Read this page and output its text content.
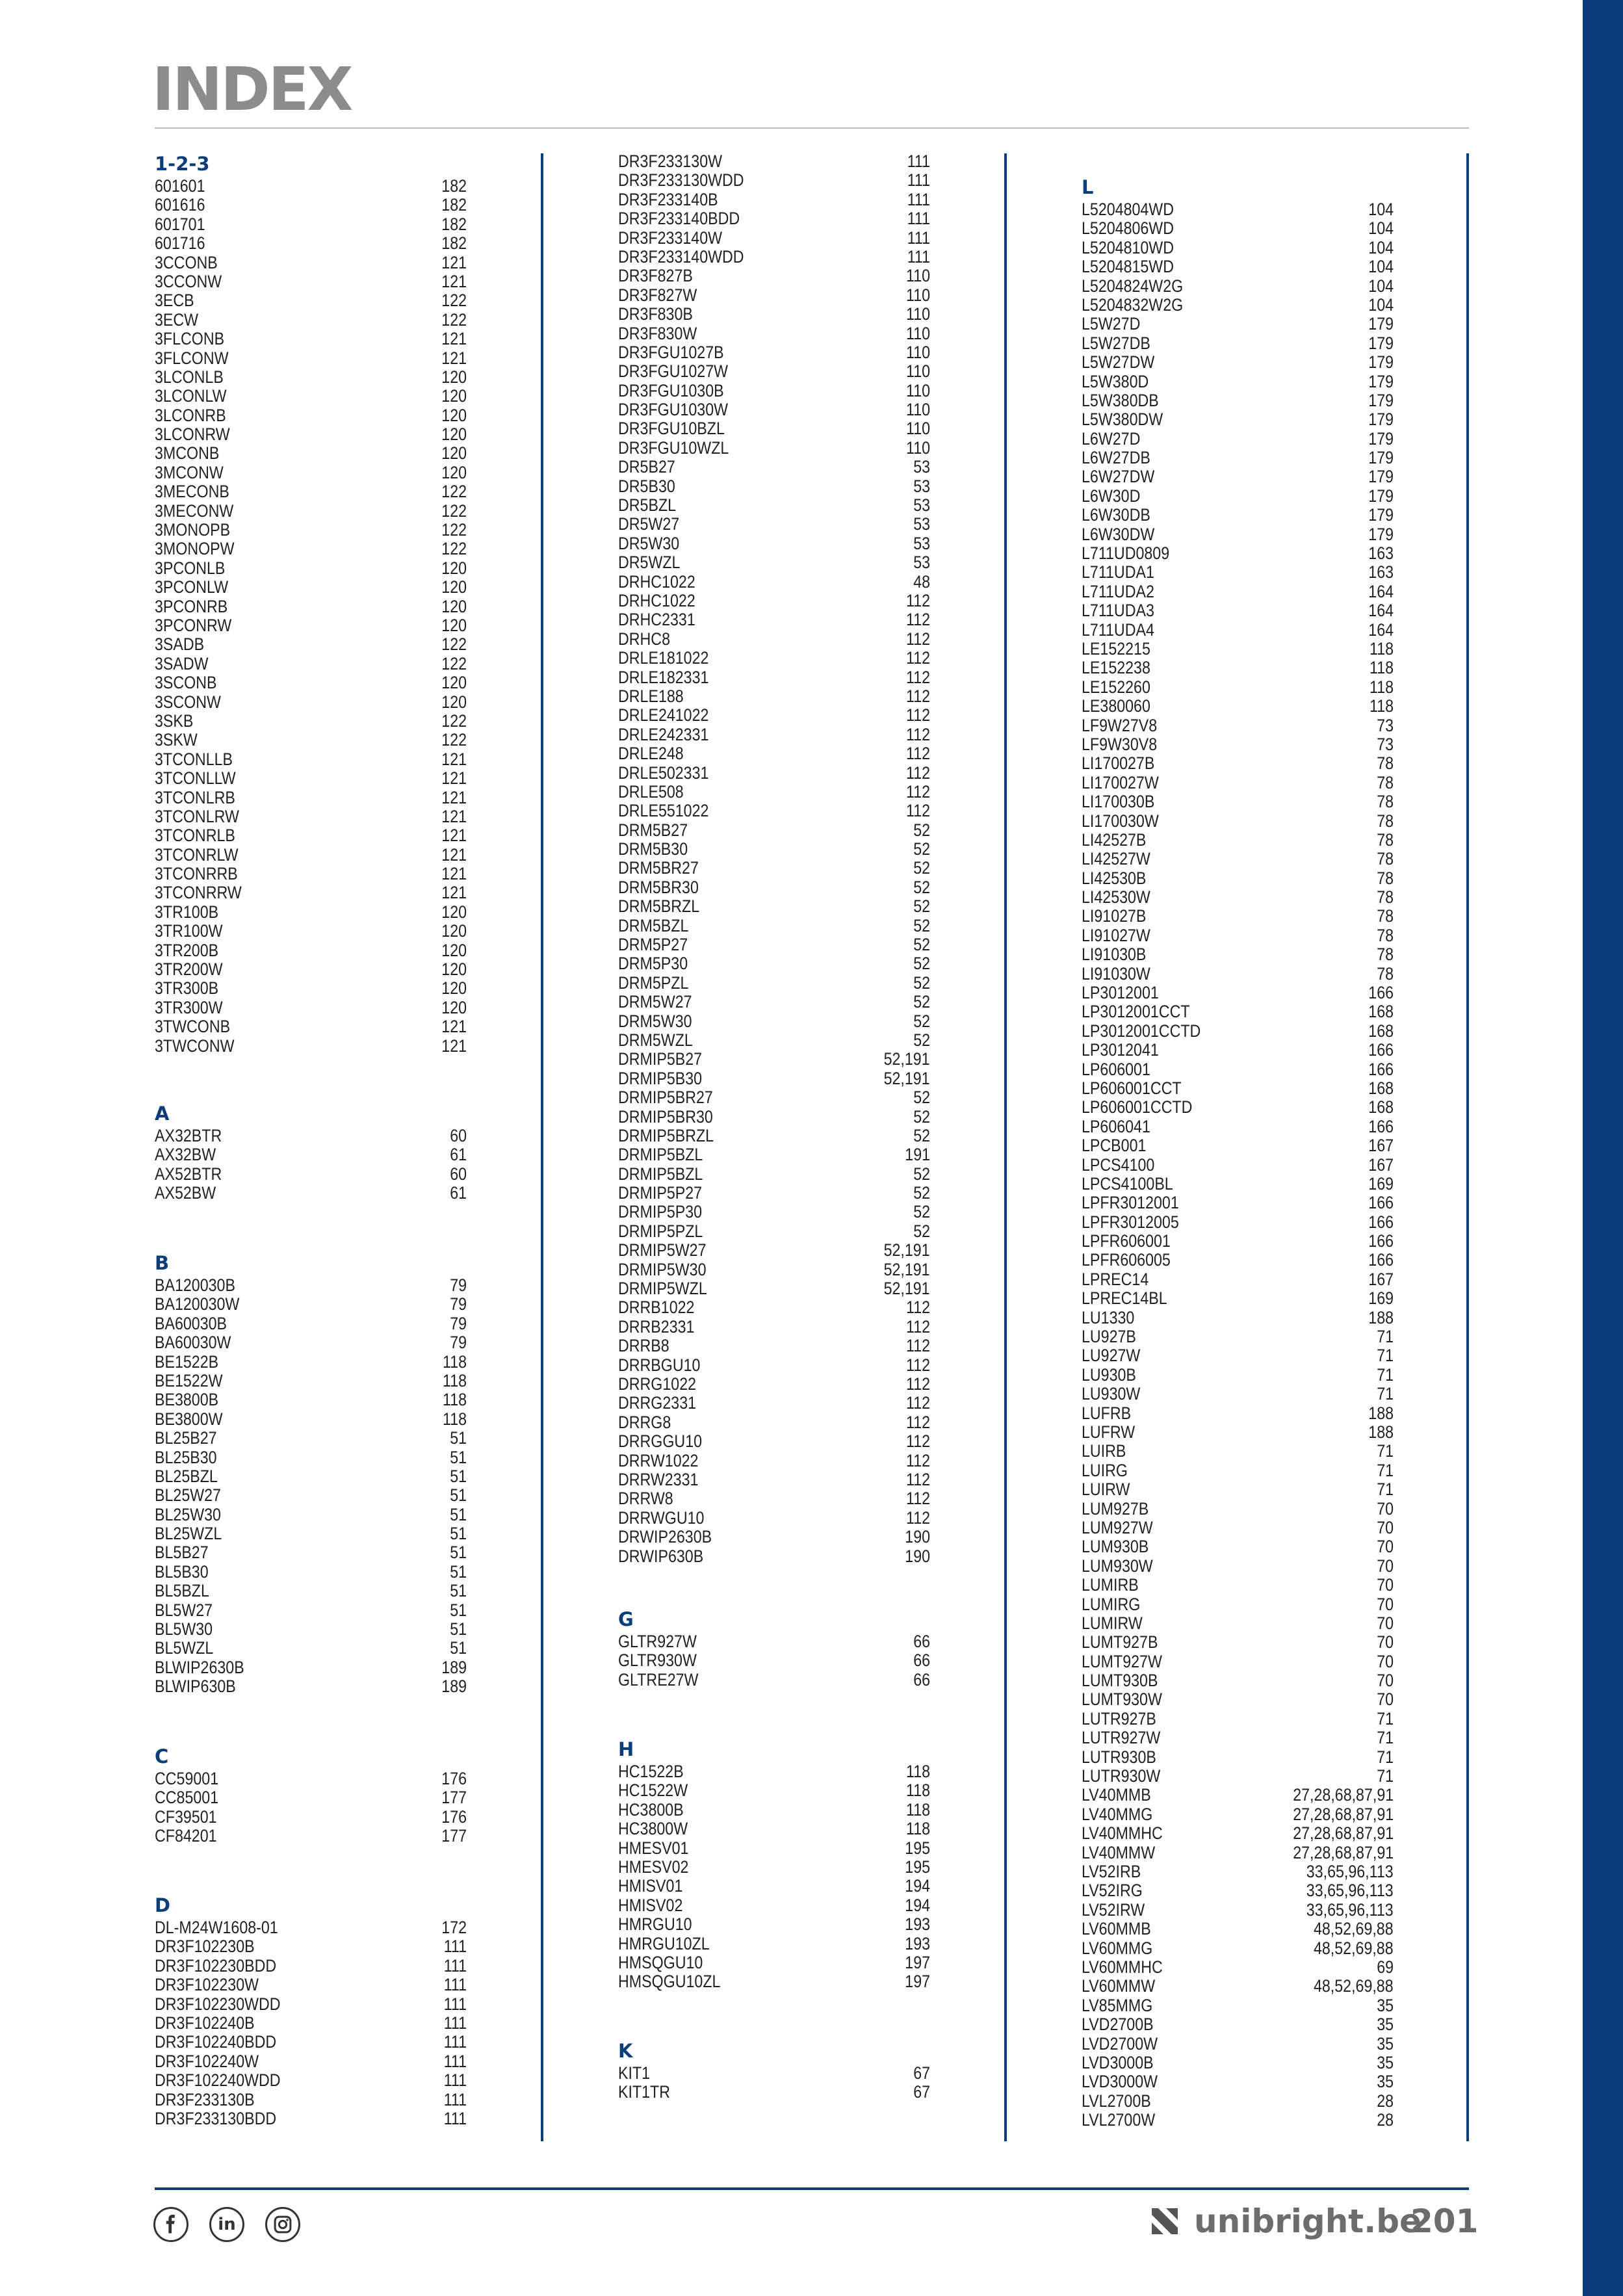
INDEX
1-2-3
601601	182
601616	182
601701	182
601716	182
3CCONB	121
3CCONW	121
3ECB	122
3ECW	122
3FLCONB	121
3FLCONW	121
3LCONLB	120
3LCONLW	120
3LCONRB	120
3LCONRW	120
3MCONB	120
3MCONW	120
3MECONB	122
3MECONW	122
3MONOPB	122
3MONOPW	122
3PCONLB	120
3PCONLW	120
3PCONRB	120
3PCONRW	120
3SADB	122
3SADW	122
3SCONB	120
3SCONW	120
3SKB	122
3SKW	122
3TCONLLB	121
3TCONLLW	121
3TCONLRB	121
3TCONLRW	121
3TCONRLB	121
3TCONRLW	121
3TCONRRB	121
3TCONRRW	121
3TR100B	120
3TR100W	120
3TR200B	120
3TR200W	120
3TR300B	120
3TR300W	120
3TWCONB	121
3TWCONW	121
A
AX32BTR	60
AX32BW	61
AX52BTR	60
AX52BW	61
B
BA120030B	79
BA120030W	79
BA60030B	79
BA60030W	79
BE1522B	118
BE1522W	118
BE3800B	118
BE3800W	118
BL25B27	51
BL25B30	51
BL25BZL	51
BL25W27	51
BL25W30	51
BL25WZL	51
BL5B27	51
BL5B30	51
BL5BZL	51
BL5W27	51
BL5W30	51
BL5WZL	51
BLWIP2630B	189
BLWIP630B	189
C
CC59001	176
CC85001	177
CF39501	176
CF84201	177
D
DL-M24W1608-01	172
DR3F102230B	111
DR3F102230BDD	111
DR3F102230W	111
DR3F102230WDD	111
DR3F102240B	111
DR3F102240BDD	111
DR3F102240W	111
DR3F102240WDD	111
DR3F233130B	111
DR3F233130BDD	111
DR3F233130W	111
DR3F233130WDD	111
DR3F233140B	111
DR3F233140BDD	111
DR3F233140W	111
DR3F233140WDD	111
DR3F827B	110
DR3F827W	110
DR3F830B	110
DR3F830W	110
DR3FGU1027B	110
DR3FGU1027W	110
DR3FGU1030B	110
DR3FGU1030W	110
DR3FGU10BZL	110
DR3FGU10WZL	110
DR5B27	53
DR5B30	53
DR5BZL	53
DR5W27	53
DR5W30	53
DR5WZL	53
DRHC1022	48
DRHC1022	112
DRHC2331	112
DRHC8	112
DRLE181022	112
DRLE182331	112
DRLE188	112
DRLE241022	112
DRLE242331	112
DRLE248	112
DRLE502331	112
DRLE508	112
DRLE551022	112
DRM5B27	52
DRM5B30	52
DRM5BR27	52
DRM5BR30	52
DRM5BRZL	52
DRM5BZL	52
DRM5P27	52
DRM5P30	52
DRM5PZL	52
DRM5W27	52
DRM5W30	52
DRM5WZL	52
DRMIP5B27	52,191
DRMIP5B30	52,191
DRMIP5BR27	52
DRMIP5BR30	52
DRMIP5BRZL	52
DRMIP5BZL	191
DRMIP5BZL	52
DRMIP5P27	52
DRMIP5P30	52
DRMIP5PZL	52
DRMIP5W27	52,191
DRMIP5W30	52,191
DRMIP5WZL	52,191
DRRB1022	112
DRRB2331	112
DRRB8	112
DRRBGU10	112
DRRG1022	112
DRRG2331	112
DRRG8	112
DRRGGU10	112
DRRW1022	112
DRRW2331	112
DRRW8	112
DRRWGU10	112
DRWIP2630B	190
DRWIP630B	190
G
GLTR927W	66
GLTR930W	66
GLTRE27W	66
H
HC1522B	118
HC1522W	118
HC3800B	118
HC3800W	118
HMESV01	195
HMESV02	195
HMISV01	194
HMISV02	194
HMRGU10	193
HMRGU10ZL	193
HMSQGU10	197
HMSQGU10ZL	197
K
KIT1	67
KIT1TR	67
L
L5204804WD	104
L5204806WD	104
L5204810WD	104
L5204815WD	104
L5204824W2G	104
L5204832W2G	104
L5W27D	179
L5W27DB	179
L5W27DW	179
L5W380D	179
L5W380DB	179
L5W380DW	179
L6W27D	179
L6W27DB	179
L6W27DW	179
L6W30D	179
L6W30DB	179
L6W30DW	179
L711UD0809	163
L711UDA1	163
L711UDA2	164
L711UDA3	164
L711UDA4	164
LE152215	118
LE152238	118
LE152260	118
LE380060	118
LF9W27V8	73
LF9W30V8	73
LI170027B	78
LI170027W	78
LI170030B	78
LI170030W	78
LI42527B	78
LI42527W	78
LI42530B	78
LI42530W	78
LI91027B	78
LI91027W	78
LI91030B	78
LI91030W	78
LP3012001	166
LP3012001CCT	168
LP3012001CCTD	168
LP3012041	166
LP606001	166
LP606001CCT	168
LP606001CCTD	168
LP606041	166
LPCB001	167
LPCS4100	167
LPCS4100BL	169
LPFR3012001	166
LPFR3012005	166
LPFR606001	166
LPFR606005	166
LPREC14	167
LPREC14BL	169
LU1330	188
LU927B	71
LU927W	71
LU930B	71
LU930W	71
LUFRB	188
LUFRW	188
LUIRB	71
LUIRG	71
LUIRW	71
LUM927B	70
LUM927W	70
LUM930B	70
LUM930W	70
LUMIRB	70
LUMIRG	70
LUMIRW	70
LUMT927B	70
LUMT927W	70
LUMT930B	70
LUMT930W	70
LUTR927B	71
LUTR927W	71
LUTR930B	71
LUTR930W	71
LV40MMB	27,28,68,87,91
LV40MMG	27,28,68,87,91
LV40MMHC	27,28,68,87,91
LV40MMW	27,28,68,87,91
LV52IRB	33,65,96,113
LV52IRG	33,65,96,113
LV52IRW	33,65,96,113
LV60MMB	48,52,69,88
LV60MMG	48,52,69,88
LV60MMHC	69
LV60MMW	48,52,69,88
LV85MMG	35
LVD2700B	35
LVD2700W	35
LVD3000B	35
LVD3000W	35
LVL2700B	28
LVL2700W	28
in	unibright.be
201
